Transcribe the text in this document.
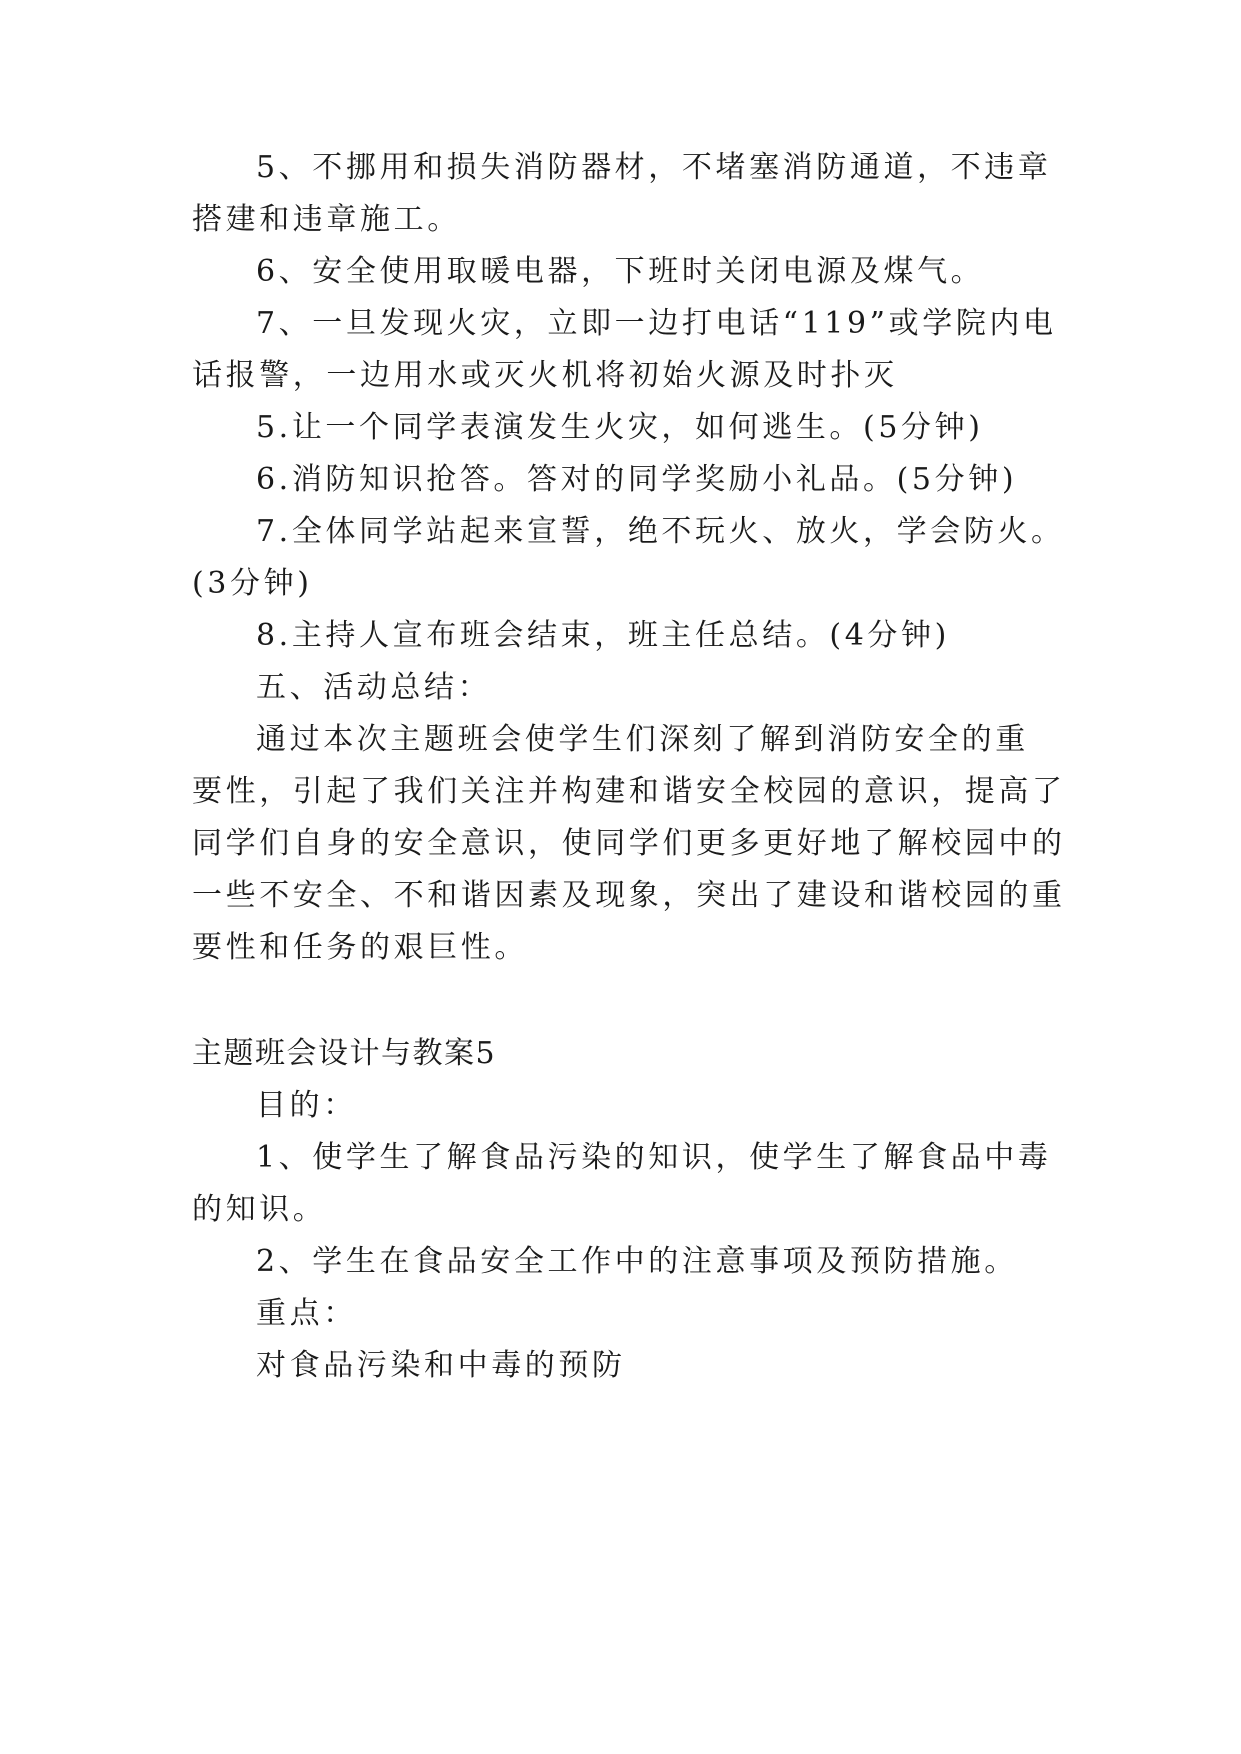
5、不挪用和损失消防器材，不堵塞消防通道，不违章

搭建和违章施工。

6、安全使用取暖电器，下班时关闭电源及煤气。

7、一旦发现火灾，立即一边打电话“119”或学院内电

话报警，一边用水或灭火机将初始火源及时扑灭

5.让一个同学表演发生火灾，如何逃生。(5分钟)

6.消防知识抢答。答对的同学奖励小礼品。(5分钟)

7.全体同学站起来宣誓，绝不玩火、放火，学会防火。

(3分钟)

8.主持人宣布班会结束，班主任总结。(4分钟)

五、活动总结：

通过本次主题班会使学生们深刻了解到消防安全的重

要性，引起了我们关注并构建和谐安全校园的意识，提高了

同学们自身的安全意识，使同学们更多更好地了解校园中的

一些不安全、不和谐因素及现象，突出了建设和谐校园的重

要性和任务的艰巨性。

主题班会设计与教案5

目的：

1、使学生了解食品污染的知识，使学生了解食品中毒

的知识。

2、学生在食品安全工作中的注意事项及预防措施。

重点：

对食品污染和中毒的预防
